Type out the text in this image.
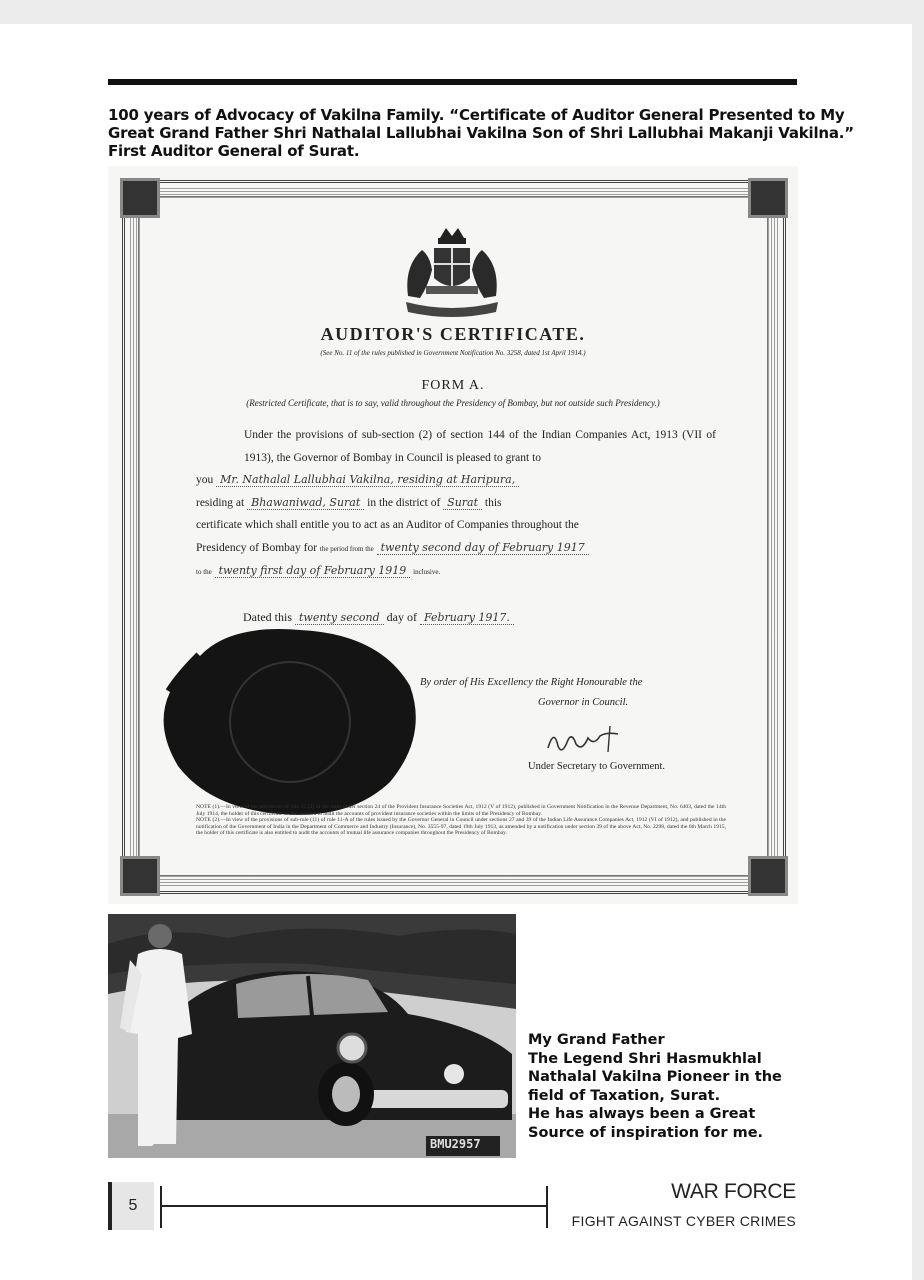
100 years of Advocacy of Vakilna Family. “Certificate of Auditor General Presented to My
Great Grand Father Shri Nathalal Lallubhai Vakilna Son of Shri Lallubhai Makanji Vakilna.”
First Auditor General of Surat.
AUDITOR'S CERTIFICATE.
(See No. 11 of the rules published in Government Notification No. 3258, dated 1st April 1914.)
FORM A.
(Restricted Certificate, that is to say, valid throughout the Presidency of Bombay, but not outside such Presidency.)
Under the provisions of sub-section (2) of section 144 of the Indian Companies Act, 1913 (VII of 1913), the Governor of Bombay in Council is pleased to grant to
you Mr. Nathalal Lallubhai Vakilna, residing at Haripura,
residing at Bhawaniwad, Surat in the district of Surat this
certificate which shall entitle you to act as an Auditor of Companies throughout the
Presidency of Bombay for the period from the twenty second day of February 1917
to the twenty first day of February 1919 inclusive.
Dated this twenty second day of February 1917.
By order of His Excellency the Right Honourable the
Governor in Council.
Under Secretary to Government.
NOTE (1).—In view of the provisions of rule 15 (2) of the rules under section 24 of the Provident Insurance Societies Act, 1912 (V of 1912), published in Government Notification in the Revenue Department, No. 6403, dated the 14th July 1914, the holder of this certificate is also entitled to audit the accounts of provident insurance societies within the limits of the Presidency of Bombay.
NOTE (2).—In view of the provisions of sub-rule (11) of rule 11-A of the rules issued by the Governor General in Council under sections 27 and 39 of the Indian Life Assurance Companies Act, 1912 (VI of 1912), and published in the notification of the Government of India in the Department of Commerce and Industry (Insurance), No. 3555-97, dated 19th July 1913, as amended by a notification under section 39 of the above Act, No. 2298, dated the 6th March 1915, the holder of this certificate is also entitled to audit the accounts of mutual life assurance companies throughout the Presidency of Bombay.
BMU2957
My Grand Father
The Legend Shri Hasmukhlal
Nathalal Vakilna Pioneer in the
field of Taxation, Surat.
He has always been a Great
Source of inspiration for me.
5
WAR FORCE
FIGHT AGAINST CYBER CRIMES
